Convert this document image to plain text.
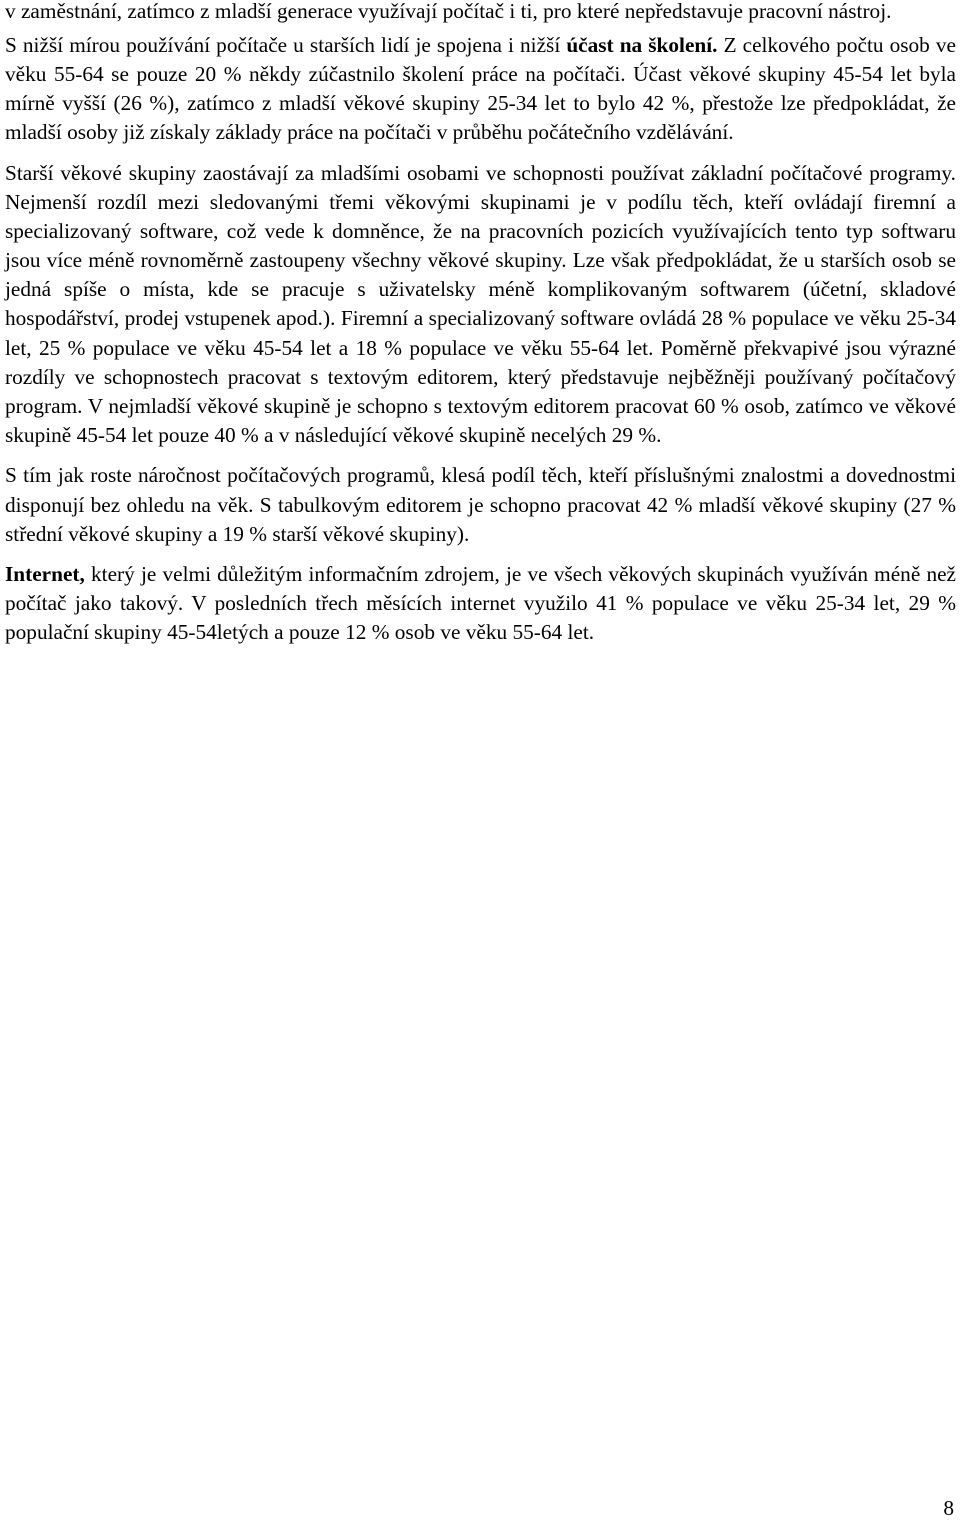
v zaměstnání, zatímco z mladší generace využívají počítač i ti, pro které nepředstavuje pracovní nástroj.

S nižší mírou používání počítače u starších lidí je spojena i nižší účast na školení. Z celkového počtu osob ve věku 55-64 se pouze 20 % někdy zúčastnilo školení práce na počítači. Účast věkové skupiny 45-54 let byla mírně vyšší (26 %), zatímco z mladší věkové skupiny 25-34 let to bylo 42 %, přestože lze předpokládat, že mladší osoby již získaly základy práce na počítači v průběhu počátečního vzdělávání.

Starší věkové skupiny zaostávají za mladšími osobami ve schopnosti používat základní počítačové programy. Nejmenší rozdíl mezi sledovanými třemi věkovými skupinami je v podílu těch, kteří ovládají firemní a specializovaný software, což vede k domněnce, že na pracovních pozicích využívajících tento typ softwaru jsou více méně rovnoměrně zastoupeny všechny věkové skupiny. Lze však předpokládat, že u starších osob se jedná spíše o místa, kde se pracuje s uživatelsky méně komplikovaným softwarem (účetní, skladové hospodářství, prodej vstupenek apod.). Firemní a specializovaný software ovládá 28 % populace ve věku 25-34 let, 25 % populace ve věku 45-54 let a 18 % populace ve věku 55-64 let. Poměrně překvapivé jsou výrazné rozdíly ve schopnostech pracovat s textovým editorem, který představuje nejběžněji používaný počítačový program. V nejmladší věkové skupině je schopno s textovým editorem pracovat 60 % osob, zatímco ve věkové skupině 45-54 let pouze 40 % a v následující věkové skupině necelých 29 %.

S tím jak roste náročnost počítačových programů, klesá podíl těch, kteří příslušnými znalostmi a dovednostmi disponují bez ohledu na věk. S tabulkovým editorem je schopno pracovat 42 % mladší věkové skupiny (27 % střední věkové skupiny a 19 % starší věkové skupiny).

Internet, který je velmi důležitým informačním zdrojem, je ve všech věkových skupinách využíván méně než počítač jako takový. V posledních třech měsících internet využilo 41 % populace ve věku 25-34 let, 29 % populační skupiny 45-54letých a pouze 12 % osob ve věku 55-64 let.

8
